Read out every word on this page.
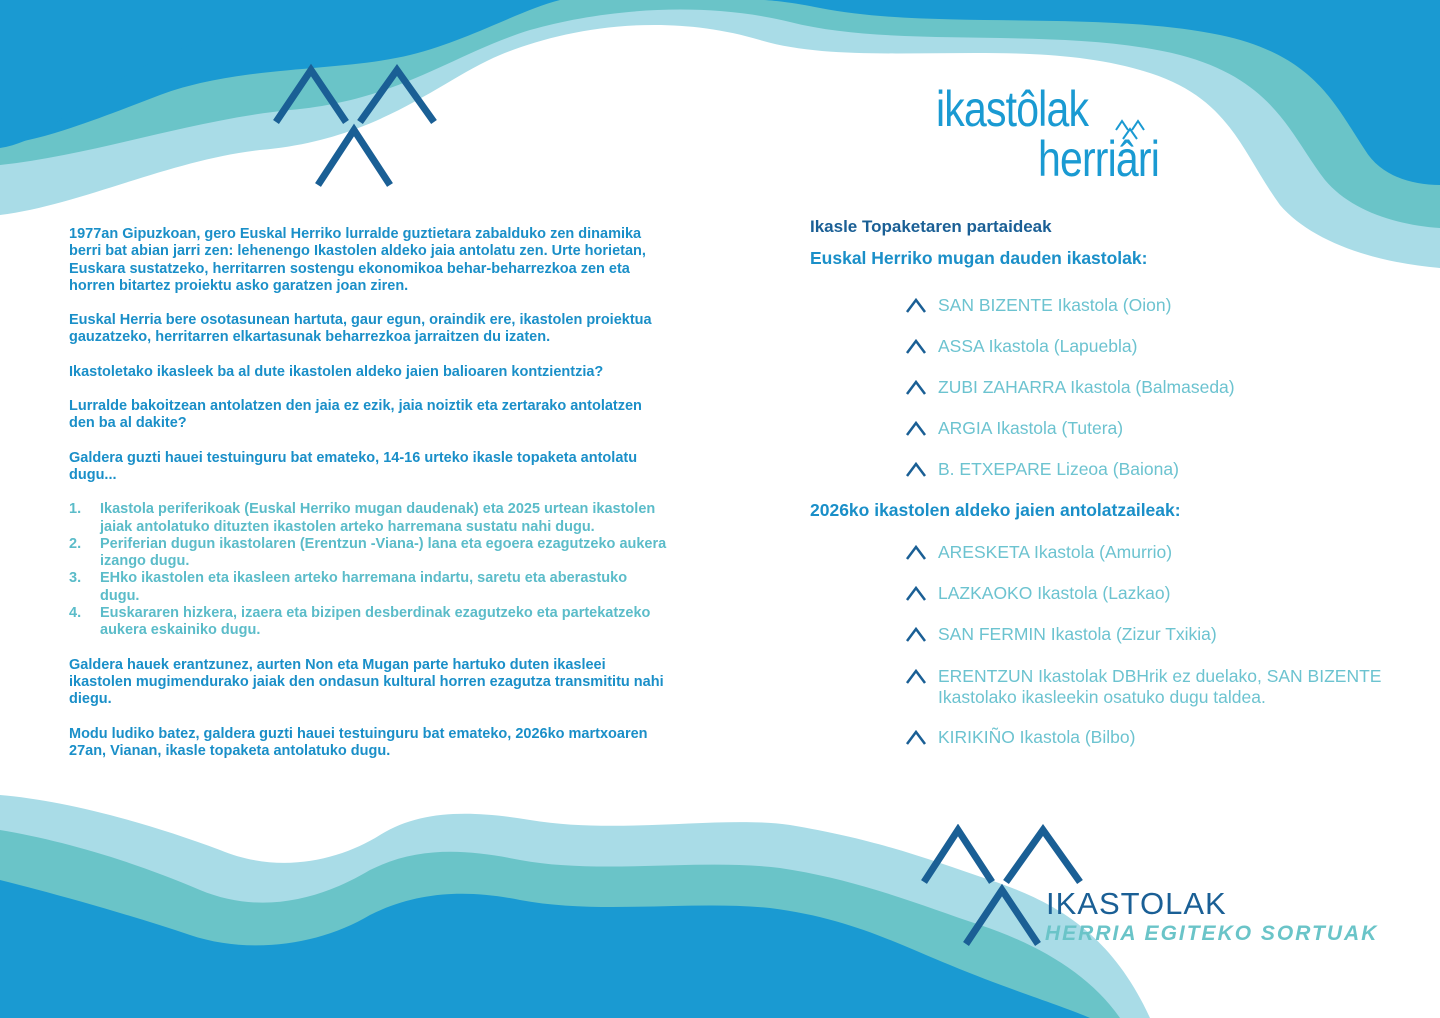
1977an Gipuzkoan, gero Euskal Herriko lurralde guztietara zabalduko zen dinamika berri bat abian jarri zen: lehenengo Ikastolen aldeko jaia antolatu zen. Urte horietan, Euskara sustatzeko, herritarren sostengu ekonomikoa behar-beharrezkoa zen eta horren bitartez proiektu asko garatzen joan ziren.

Euskal Herria bere osotasunean hartuta, gaur egun, oraindik ere, ikastolen proiektua gauzatzeko, herritarren elkartasunak beharrezkoa jarraitzen du izaten.

Ikastoletako ikasleek ba al dute ikastolen aldeko jaien balioaren kontzientzia?

Lurralde bakoitzean antolatzen den jaia ez ezik, jaia noiztik eta zertarako antolatzen den ba al dakite?

Galdera guzti hauei testuinguru bat emateko, 14-16 urteko ikasle topaketa antolatu dugu...

1. Ikastola periferikoak (Euskal Herriko mugan daudenak) eta 2025 urtean ikastolen jaiak antolatuko dituzten ikastolen arteko harremana sustatu nahi dugu.
2. Periferian dugun ikastolaren (Erentzun -Viana-) lana eta egoera ezagutzeko aukera izango dugu.
3. EHko ikastolen eta ikasleen arteko harremana indartu, saretu eta aberastuko dugu.
4. Euskararen hizkera, izaera eta bizipen desberdinak ezagutzeko eta partekatzeko aukera eskainiko dugu.

Galdera hauek erantzunez, aurten Non eta Mugan parte hartuko duten ikasleei ikastolen mugimendurako jaiak den ondasun kultural horren ezagutza transmititu nahi diegu.

Modu ludiko batez, galdera guzti hauei testuinguru bat emateko, 2026ko martxoaren 27an, Vianan, ikasle topaketa antolatuko dugu.

ikastôlak
herriâri
Ikasle Topaketaren partaideak
Euskal Herriko mugan dauden ikastolak:
SAN BIZENTE Ikastola (Oion)
ASSA Ikastola (Lapuebla)
ZUBI ZAHARRA Ikastola (Balmaseda)
ARGIA Ikastola (Tutera)
B. ETXEPARE Lizeoa (Baiona)
2026ko ikastolen aldeko jaien antolatzaileak:
ARESKETA Ikastola (Amurrio)
LAZKAOKO Ikastola (Lazkao)
SAN FERMIN Ikastola (Zizur Txikia)
ERENTZUN Ikastolak DBHrik ez duelako, SAN BIZENTE Ikastolako ikasleekin osatuko dugu taldea.
KIRIKIÑO Ikastola (Bilbo)
IKASTOLAK
HERRIA EGITEKO SORTUAK
